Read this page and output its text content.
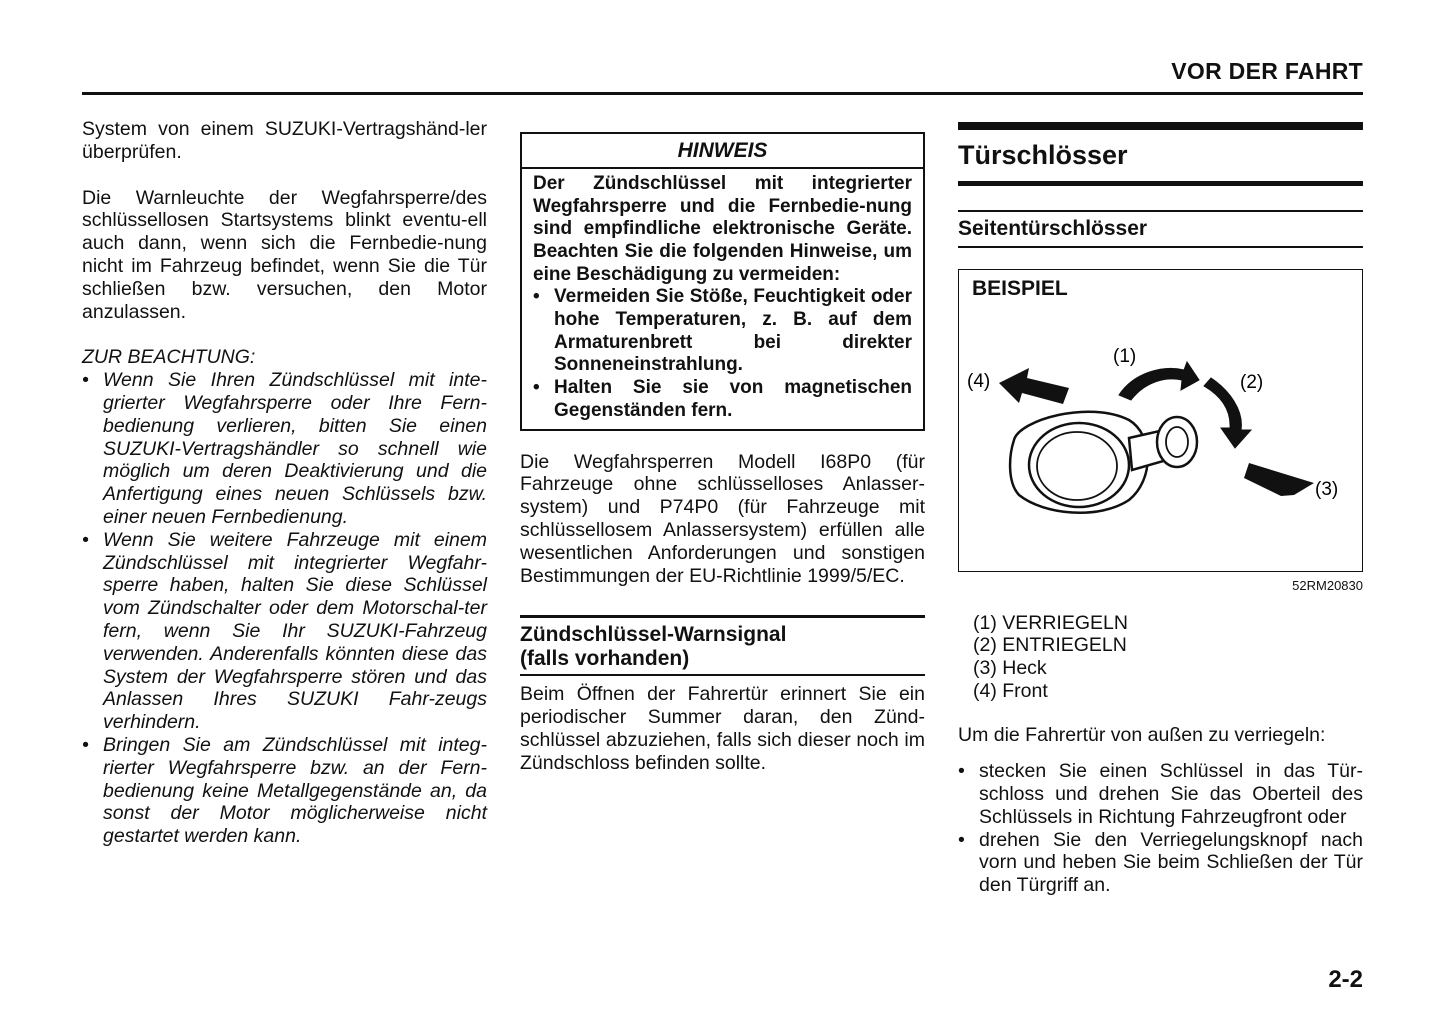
VOR DER FAHRT

System von einem SUZUKI-Vertragshänd-ler überprüfen.

Die Warnleuchte der Wegfahrsperre/des schlüssellosen Startsystems blinkt eventu-ell auch dann, wenn sich die Fernbedie-nung nicht im Fahrzeug befindet, wenn Sie die Tür schließen bzw. versuchen, den Motor anzulassen.

ZUR BEACHTUNG:

• Wenn Sie Ihren Zündschlüssel mit inte-grierter Wegfahrsperre oder Ihre Fern-bedienung verlieren, bitten Sie einen SUZUKI-Vertragshändler so schnell wie möglich um deren Deaktivierung und die Anfertigung eines neuen Schlüssels bzw. einer neuen Fernbedienung.
• Wenn Sie weitere Fahrzeuge mit einem Zündschlüssel mit integrierter Wegfahr-sperre haben, halten Sie diese Schlüssel vom Zündschalter oder dem Motorschal-ter fern, wenn Sie Ihr SUZUKI-Fahrzeug verwenden. Anderenfalls könnten diese das System der Wegfahrsperre stören und das Anlassen Ihres SUZUKI Fahr-zeugs verhindern.
• Bringen Sie am Zündschlüssel mit integ-rierter Wegfahrsperre bzw. an der Fern-bedienung keine Metallgegenstände an, da sonst der Motor möglicherweise nicht gestartet werden kann.
HINWEIS

Der Zündschlüssel mit integrierter Wegfahrsperre und die Fernbedie-nung sind empfindliche elektronische Geräte. Beachten Sie die folgenden Hinweise, um eine Beschädigung zu vermeiden:

• Vermeiden Sie Stöße, Feuchtigkeit oder hohe Temperaturen, z. B. auf dem Armaturenbrett bei direkter Sonneneinstrahlung.
• Halten Sie sie von magnetischen Gegenständen fern.

Die Wegfahrsperren Modell I68P0 (für Fahrzeuge ohne schlüsselloses Anlasser-system) und P74P0 (für Fahrzeuge mit schlüssellosem Anlassersystem) erfüllen alle wesentlichen Anforderungen und sonstigen Bestimmungen der EU-Richtlinie 1999/5/EC.

Zündschlüssel-Warnsignal
(falls vorhanden)

Beim Öffnen der Fahrertür erinnert Sie ein periodischer Summer daran, den Zünd-schlüssel abzuziehen, falls sich dieser noch im Zündschloss befinden sollte.

Türschlösser
Seitentürschlösser
BEISPIEL
(1)
(2)
(3)
(4)
52RM20830
(1) VERRIEGELN
(2) ENTRIEGELN
(3) Heck
(4) Front

Um die Fahrertür von außen zu verriegeln:

• stecken Sie einen Schlüssel in das Tür-schloss und drehen Sie das Oberteil des Schlüssels in Richtung Fahrzeugfront oder
• drehen Sie den Verriegelungsknopf nach vorn und heben Sie beim Schließen der Tür den Türgriff an.
2-2
